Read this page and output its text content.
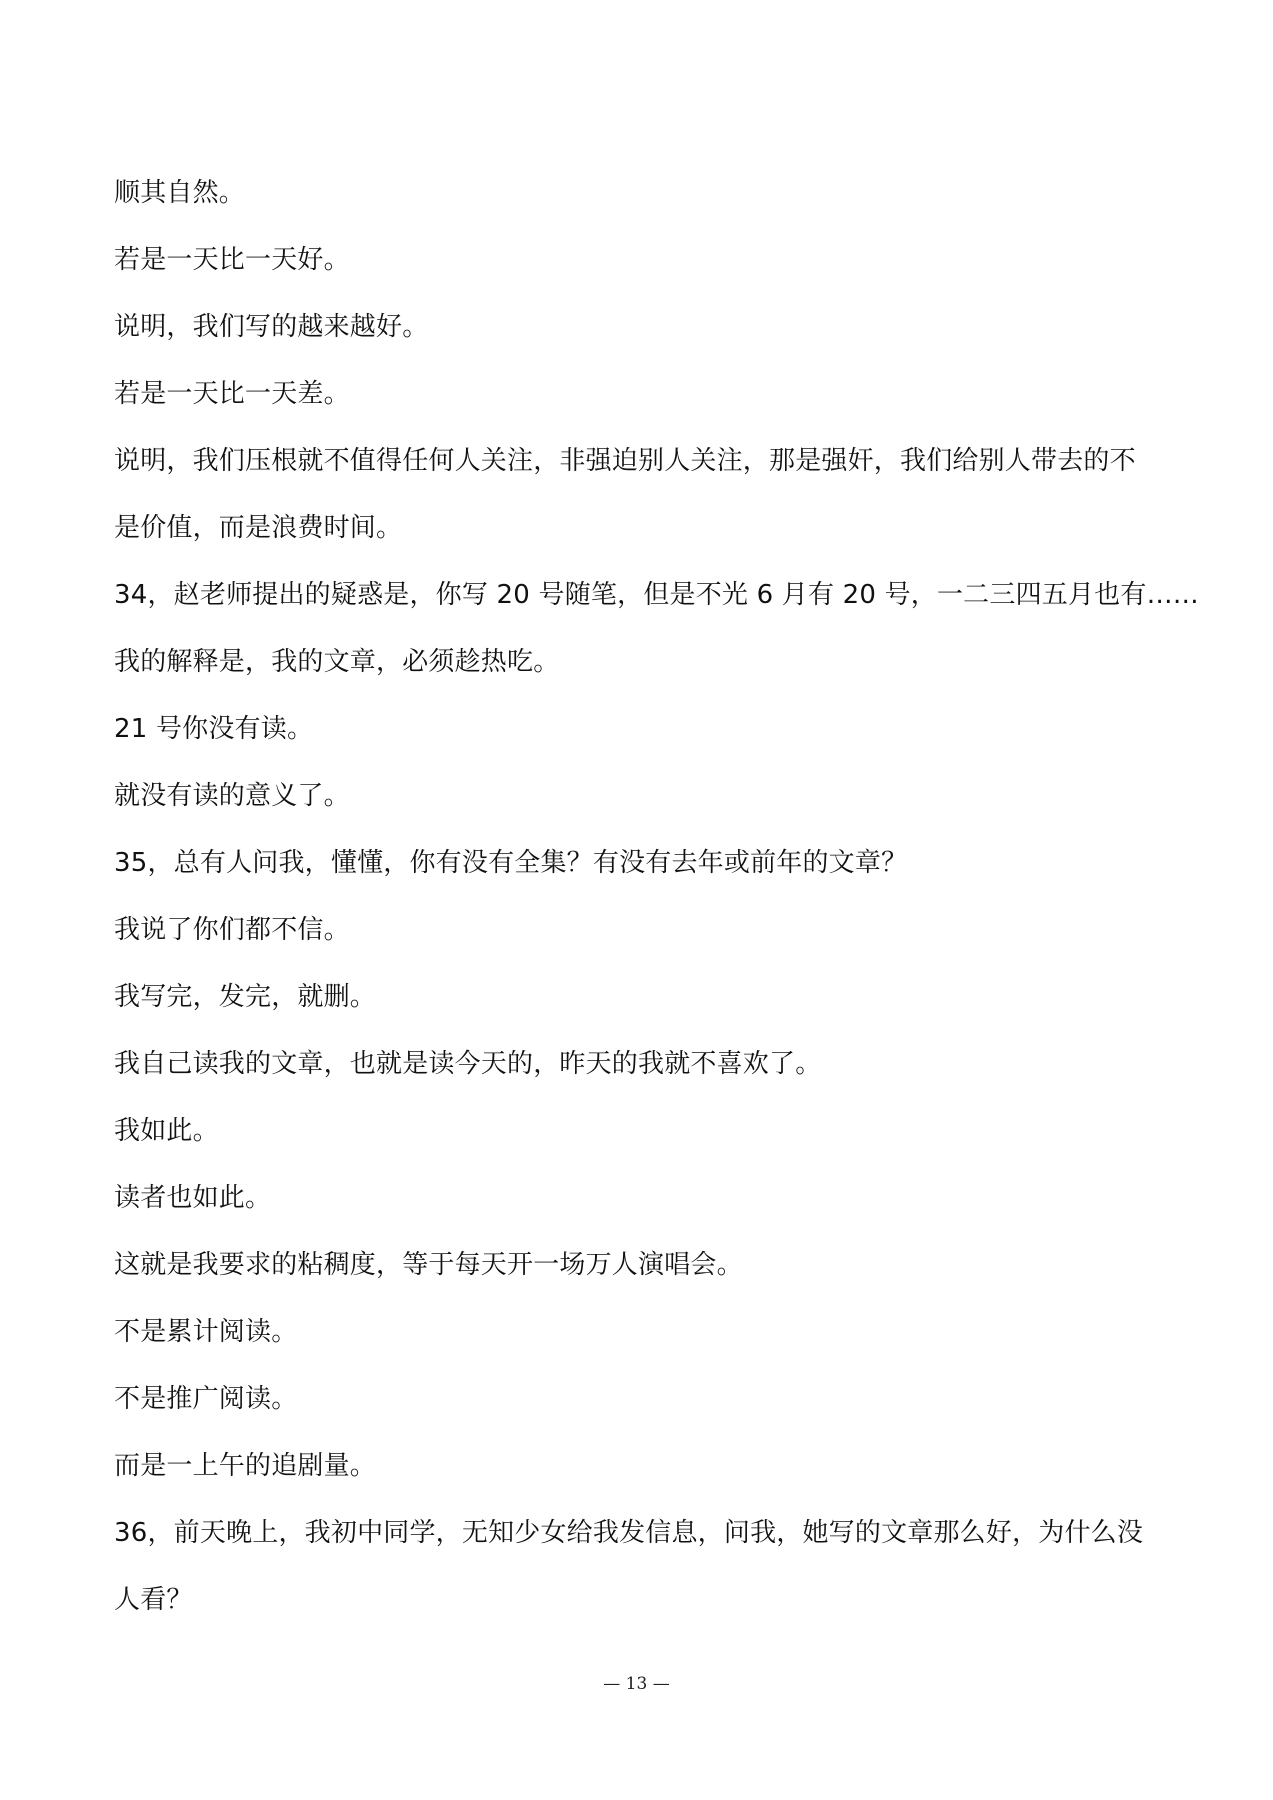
顺其自然。

若是一天比一天好。

说明，我们写的越来越好。

若是一天比一天差。

说明，我们压根就不值得任何人关注，非强迫别人关注，那是强奸，我们给别人带去的不

是价值，而是浪费时间。

34，赵老师提出的疑惑是，你写 20 号随笔，但是不光 6 月有 20 号，一二三四五月也有……

我的解释是，我的文章，必须趁热吃。

21 号你没有读。

就没有读的意义了。

35，总有人问我，懂懂，你有没有全集？有没有去年或前年的文章？

我说了你们都不信。

我写完，发完，就删。

我自己读我的文章，也就是读今天的，昨天的我就不喜欢了。

我如此。

读者也如此。

这就是我要求的粘稠度，等于每天开一场万人演唱会。

不是累计阅读。

不是推广阅读。

而是一上午的追剧量。

36，前天晚上，我初中同学，无知少女给我发信息，问我，她写的文章那么好，为什么没

人看？

— 13 —
